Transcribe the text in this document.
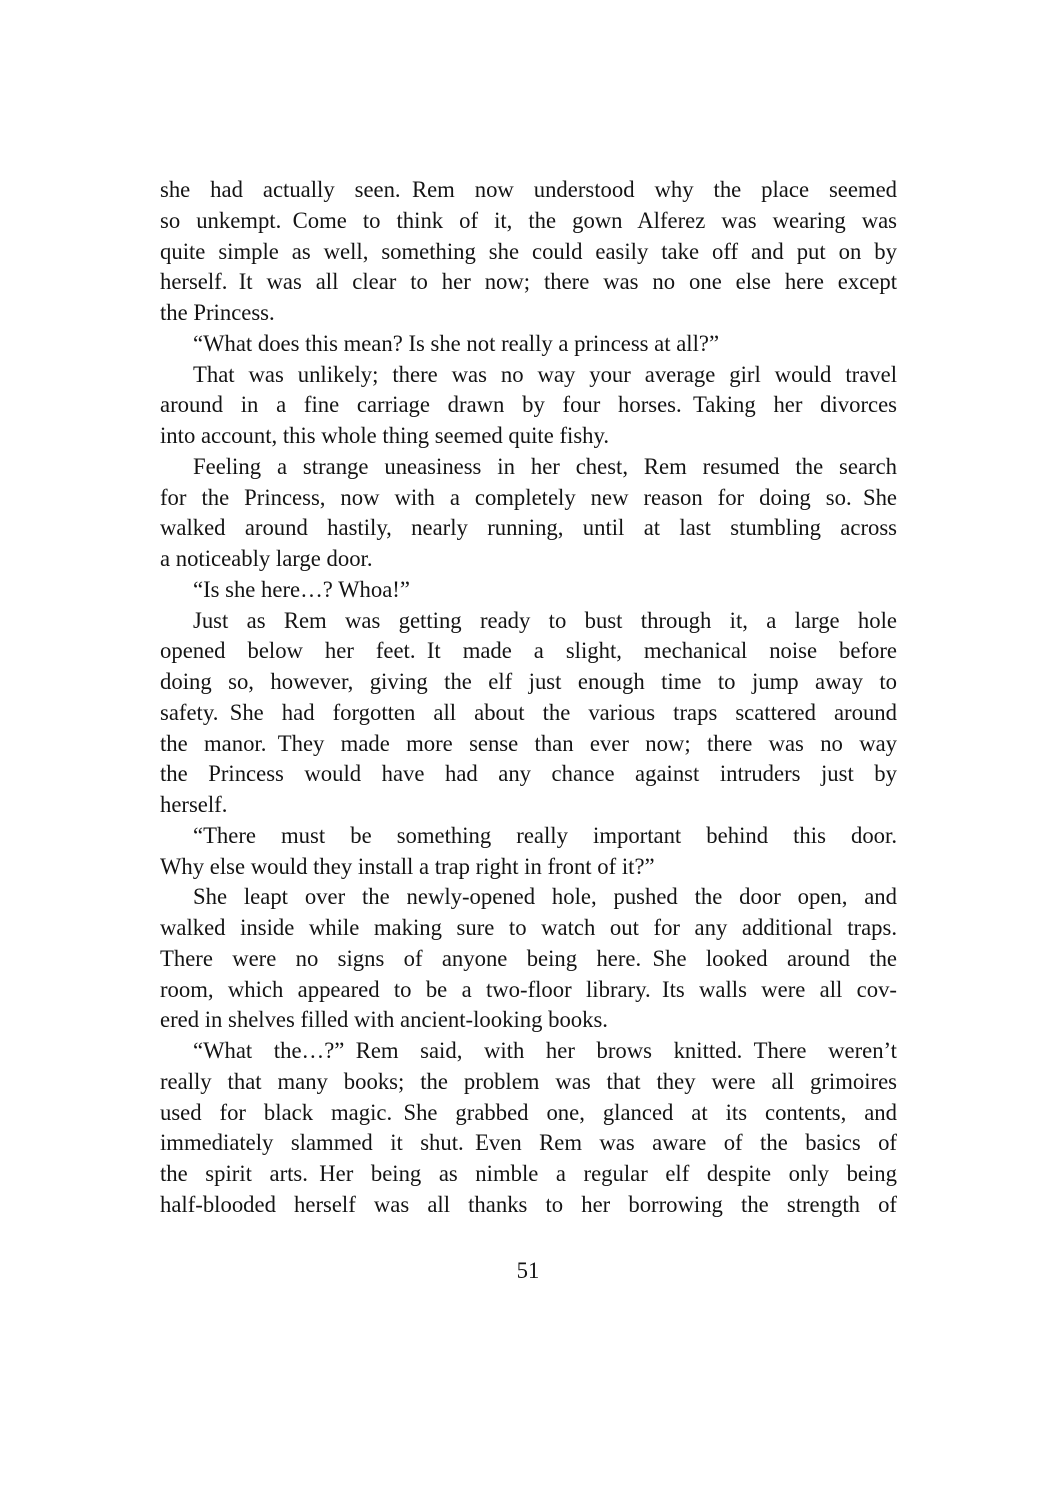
she had actually seen. Rem now understood why the place seemed
so unkempt. Come to think of it, the gown Alferez was wearing was
quite simple as well, something she could easily take off and put on by
herself. It was all clear to her now; there was no one else here except
the Princess.
“What does this mean? Is she not really a princess at all?”
That was unlikely; there was no way your average girl would travel
around in a fine carriage drawn by four horses. Taking her divorces
into account, this whole thing seemed quite fishy.
Feeling a strange uneasiness in her chest, Rem resumed the search
for the Princess, now with a completely new reason for doing so. She
walked around hastily, nearly running, until at last stumbling across
a noticeably large door.
“Is she here…? Whoa!”
Just as Rem was getting ready to bust through it, a large hole
opened below her feet. It made a slight, mechanical noise before
doing so, however, giving the elf just enough time to jump away to
safety. She had forgotten all about the various traps scattered around
the manor. They made more sense than ever now; there was no way
the Princess would have had any chance against intruders just by
herself.
“There must be something really important behind this door.
Why else would they install a trap right in front of it?”
She leapt over the newly-opened hole, pushed the door open, and
walked inside while making sure to watch out for any additional traps.
There were no signs of anyone being here. She looked around the
room, which appeared to be a two-floor library. Its walls were all cov-
ered in shelves filled with ancient-looking books.
“What the…?” Rem said, with her brows knitted. There weren’t
really that many books; the problem was that they were all grimoires
used for black magic. She grabbed one, glanced at its contents, and
immediately slammed it shut. Even Rem was aware of the basics of
the spirit arts. Her being as nimble a regular elf despite only being
half-blooded herself was all thanks to her borrowing the strength of
51
